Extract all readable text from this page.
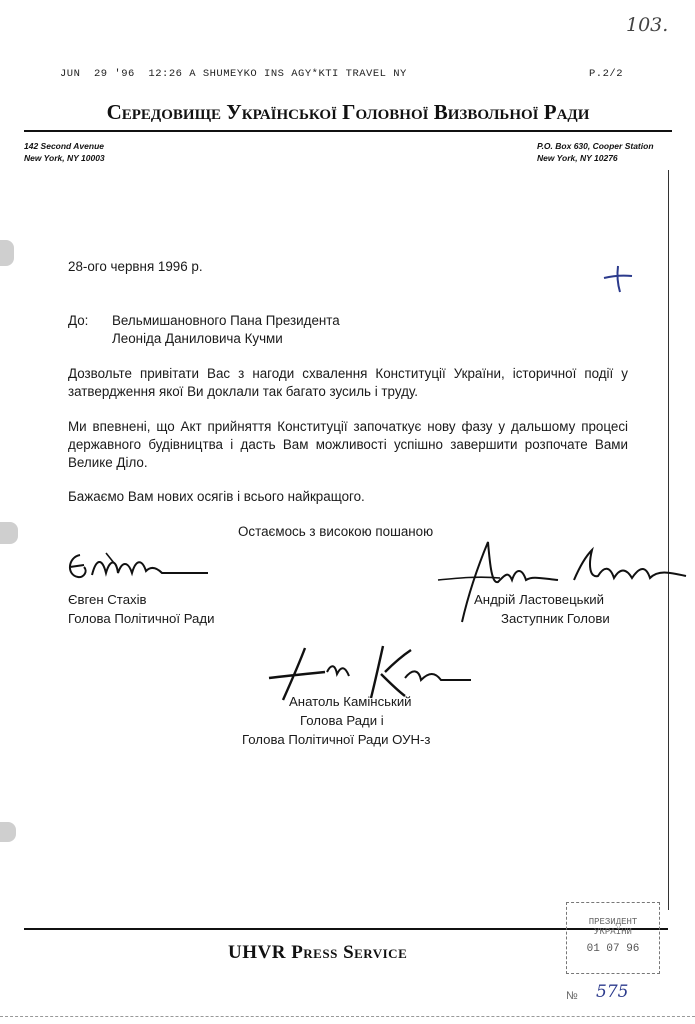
103.
JUN  29 '96  12:26 A SHUMEYKO INS AGY*KTI TRAVEL NY	P.2/2
Середовище Української Головної Визвольної Ради
142 Second Avenue
New York, NY 10003
P.O. Box 630, Cooper Station
New York, NY 10276
28-ого червня 1996 р.
До: Вельмишановного Пана Президента
Леоніда Даниловича Кучми
Дозвольте привітати Вас з нагоди схвалення Конституції України, історичної події у затвердження якої Ви доклали так багато зусиль і труду.
Ми впевнені, що Акт прийняття Конституції започаткує нову фазу у дальшому процесі державного будівництва і дасть Вам можливості успішно завершити розпочате Вами Велике Діло.
Бажаємо Вам нових осягів і всього найкращого.
Остаємось з високою пошаною
Євген Стахів
Голова Політичної Ради
Андрій Ластовецький
Заступник Голови
Анатоль Камінський
Голова Ради і
Голова Політичної Ради ОУН-з
UHVR Press Service
ПРЕЗИДЕНТ
УКРАЇНИ
01 07 96
№ 575
